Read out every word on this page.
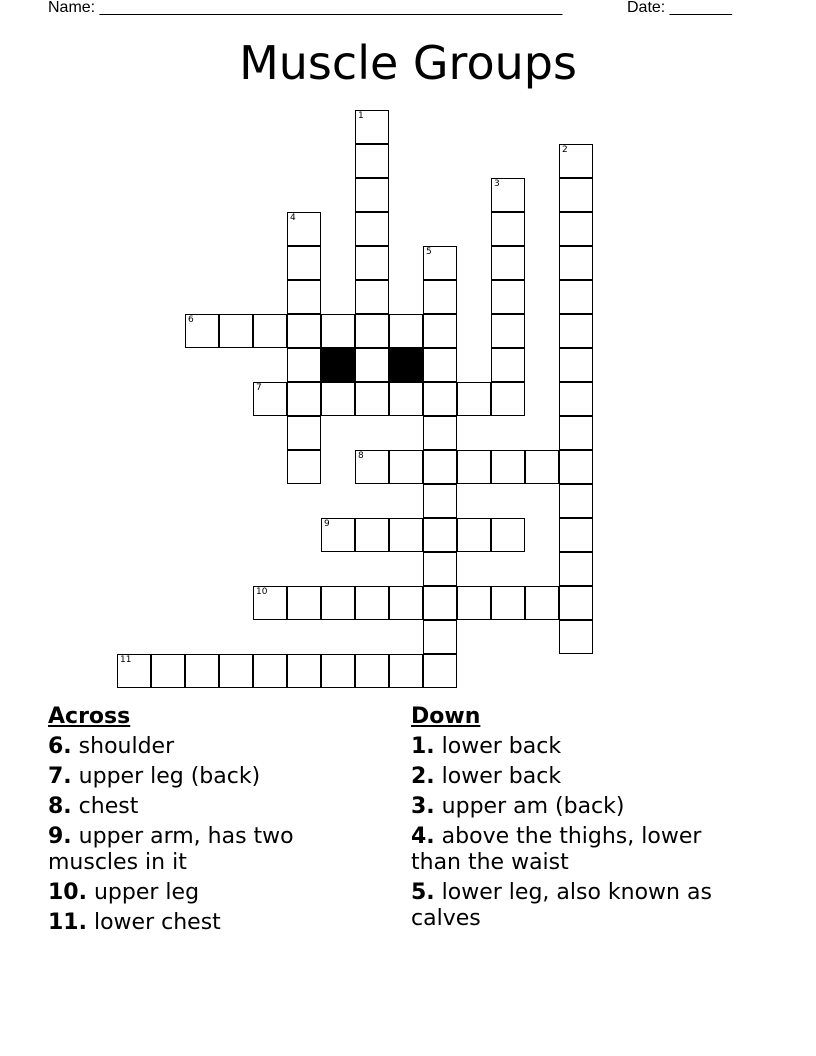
Name: ____________________________________________________	Date: _______
Muscle Groups
1
2
3
4
5
6
7
8
9
10
11
Across
6. shoulder
7. upper leg (back)
8. chest
9. upper arm, has two muscles in it
10. upper leg
11. lower chest
Down
1. lower back
2. lower back
3. upper am (back)
4. above the thighs, lower than the waist
5. lower leg, also known as calves
